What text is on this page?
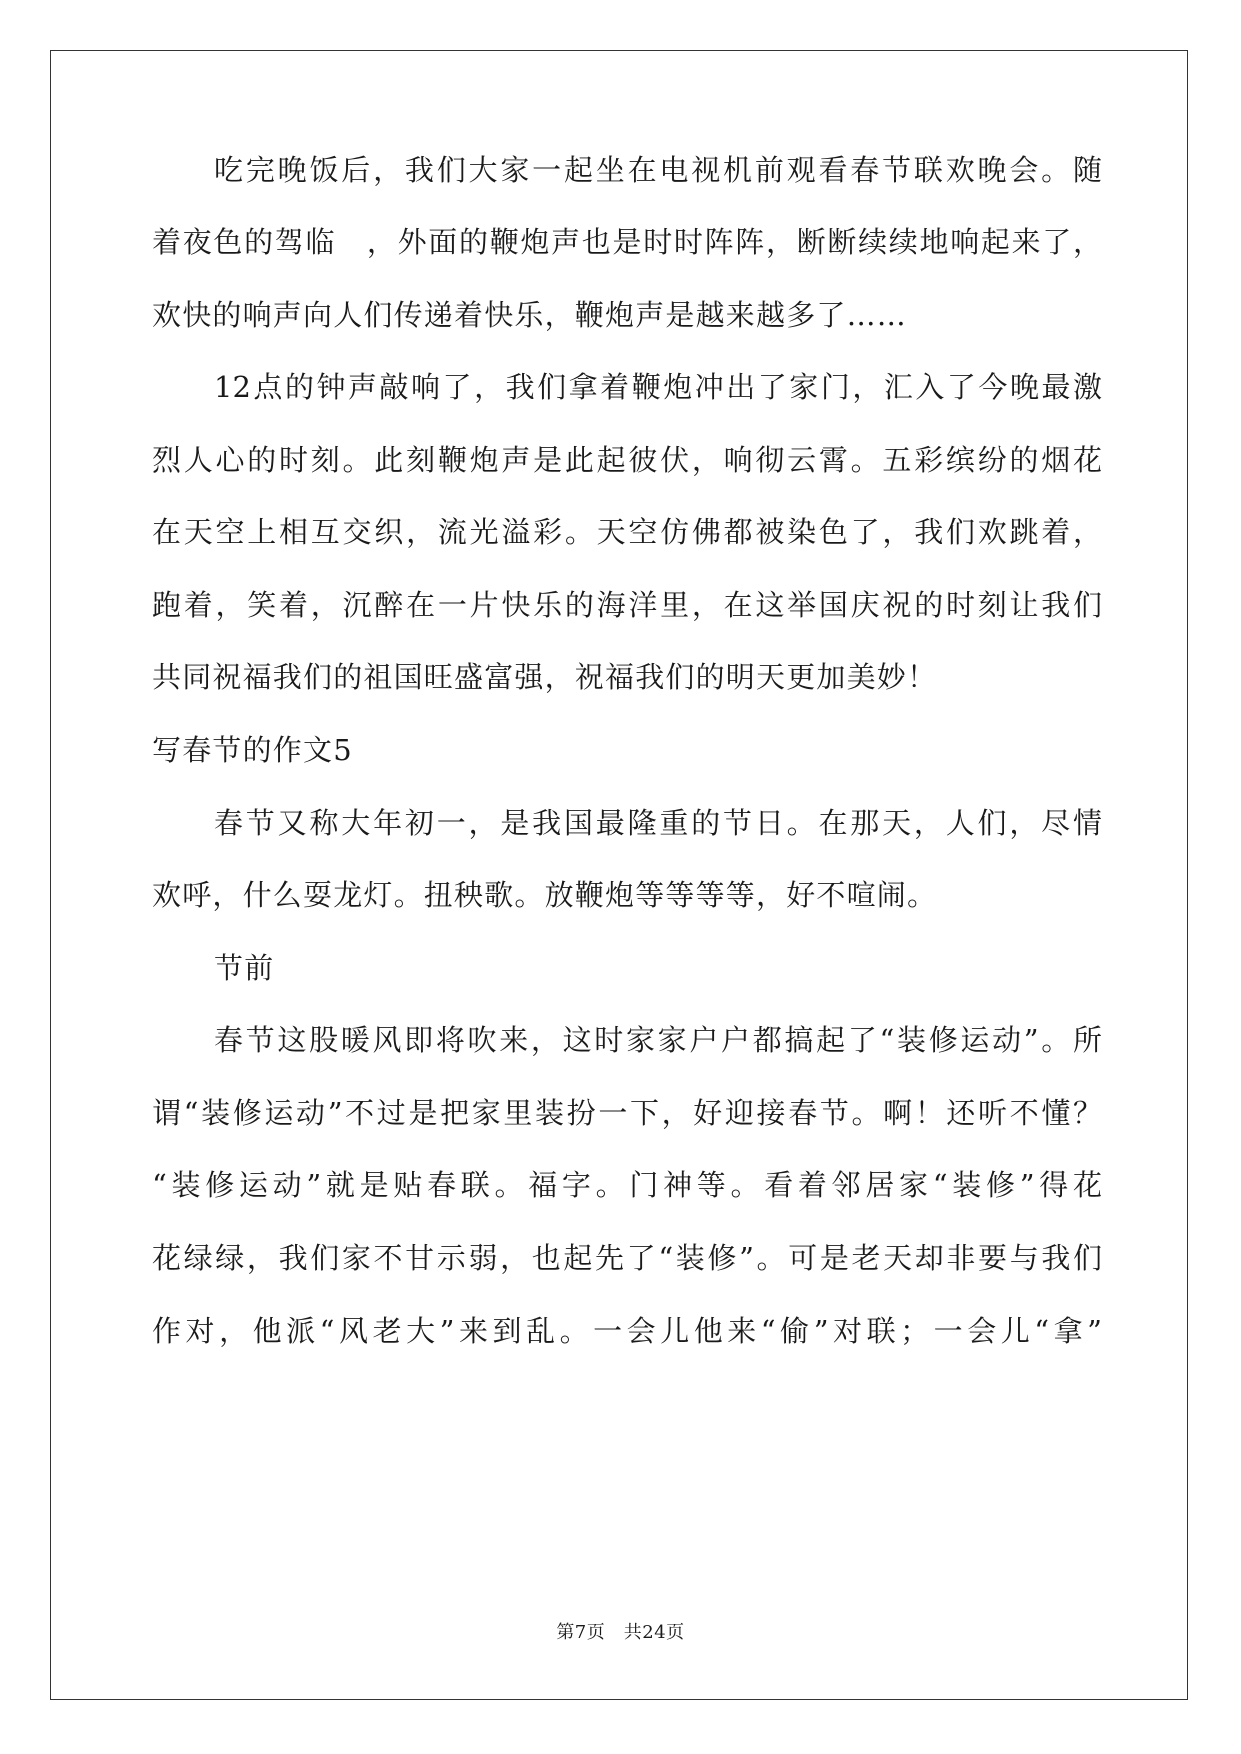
吃完晚饭后，我们大家一起坐在电视机前观看春节联欢晚会。随
着夜色的驾临　，外面的鞭炮声也是时时阵阵，断断续续地响起来了，
欢快的响声向人们传递着快乐，鞭炮声是越来越多了……
12点的钟声敲响了，我们拿着鞭炮冲出了家门，汇入了今晚最激
烈人心的时刻。此刻鞭炮声是此起彼伏，响彻云霄。五彩缤纷的烟花
在天空上相互交织，流光溢彩。天空仿佛都被染色了，我们欢跳着，
跑着，笑着，沉醉在一片快乐的海洋里，在这举国庆祝的时刻让我们
共同祝福我们的祖国旺盛富强，祝福我们的明天更加美妙！
写春节的作文5
春节又称大年初一，是我国最隆重的节日。在那天，人们，尽情
欢呼，什么耍龙灯。扭秧歌。放鞭炮等等等等，好不喧闹。
节前
春节这股暖风即将吹来，这时家家户户都搞起了“装修运动”。所
谓“装修运动”不过是把家里装扮一下，好迎接春节。啊！还听不懂？
“装修运动”就是贴春联。福字。门神等。看着邻居家“装修”得花
花绿绿，我们家不甘示弱，也起先了“装修”。可是老天却非要与我们
作对，他派“风老大”来到乱。一会儿他来“偷”对联；一会儿“拿”
第7页　共24页
